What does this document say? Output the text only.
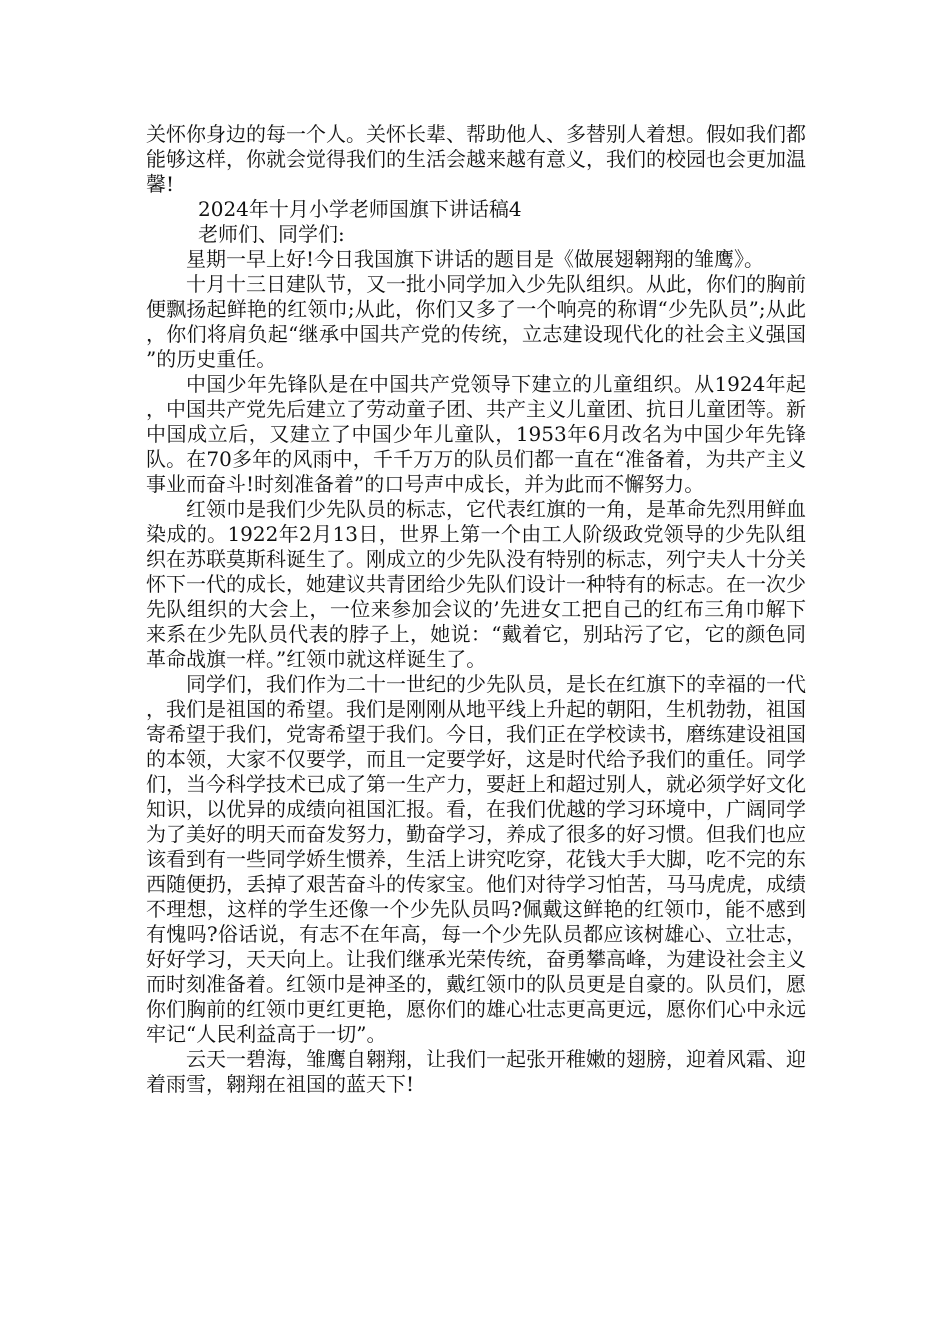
关怀你身边的每一个人。关怀长辈、帮助他人、多替别人着想。假如我们都能够这样，你就会觉得我们的生活会越来越有意义，我们的校园也会更加温馨!

2024年十月小学老师国旗下讲话稿4

老师们、同学们:

星期一早上好!今日我国旗下讲话的题目是《做展翅翱翔的雏鹰》。

十月十三日建队节，又一批小同学加入少先队组织。从此，你们的胸前便飘扬起鲜艳的红领巾;从此，你们又多了一个响亮的称谓“少先队员”;从此，你们将肩负起“继承中国共产党的传统，立志建设现代化的社会主义强国”的历史重任。

中国少年先锋队是在中国共产党领导下建立的儿童组织。从1924年起，中国共产党先后建立了劳动童子团、共产主义儿童团、抗日儿童团等。新中国成立后，又建立了中国少年儿童队，1953年6月改名为中国少年先锋队。在70多年的风雨中，千千万万的队员们都一直在“准备着，为共产主义事业而奋斗!时刻准备着”的口号声中成长，并为此而不懈努力。

红领巾是我们少先队员的标志，它代表红旗的一角，是革命先烈用鲜血染成的。1922年2月13日，世界上第一个由工人阶级政党领导的少先队组织在苏联莫斯科诞生了。刚成立的少先队没有特别的标志，列宁夫人十分关怀下一代的成长，她建议共青团给少先队们设计一种特有的标志。在一次少先队组织的大会上，一位来参加会议的’先进女工把自己的红布三角巾解下来系在少先队员代表的脖子上，她说：“戴着它，别玷污了它，它的颜色同革命战旗一样。”红领巾就这样诞生了。

同学们，我们作为二十一世纪的少先队员，是长在红旗下的幸福的一代，我们是祖国的希望。我们是刚刚从地平线上升起的朝阳，生机勃勃，祖国寄希望于我们，党寄希望于我们。今日，我们正在学校读书，磨练建设祖国的本领，大家不仅要学，而且一定要学好，这是时代给予我们的重任。同学们，当今科学技术已成了第一生产力，要赶上和超过别人，就必须学好文化知识，以优异的成绩向祖国汇报。看，在我们优越的学习环境中，广阔同学为了美好的明天而奋发努力，勤奋学习，养成了很多的好习惯。但我们也应该看到有一些同学娇生惯养，生活上讲究吃穿，花钱大手大脚，吃不完的东西随便扔，丢掉了艰苦奋斗的传家宝。他们对待学习怕苦，马马虎虎，成绩不理想，这样的学生还像一个少先队员吗?佩戴这鲜艳的红领巾，能不感到有愧吗?俗话说，有志不在年高，每一个少先队员都应该树雄心、立壮志，好好学习，天天向上。让我们继承光荣传统，奋勇攀高峰，为建设社会主义而时刻准备着。红领巾是神圣的，戴红领巾的队员更是自豪的。队员们，愿你们胸前的红领巾更红更艳，愿你们的雄心壮志更高更远，愿你们心中永远牢记“人民利益高于一切”。

云天一碧海，雏鹰自翱翔，让我们一起张开稚嫩的翅膀，迎着风霜、迎着雨雪，翱翔在祖国的蓝天下!
